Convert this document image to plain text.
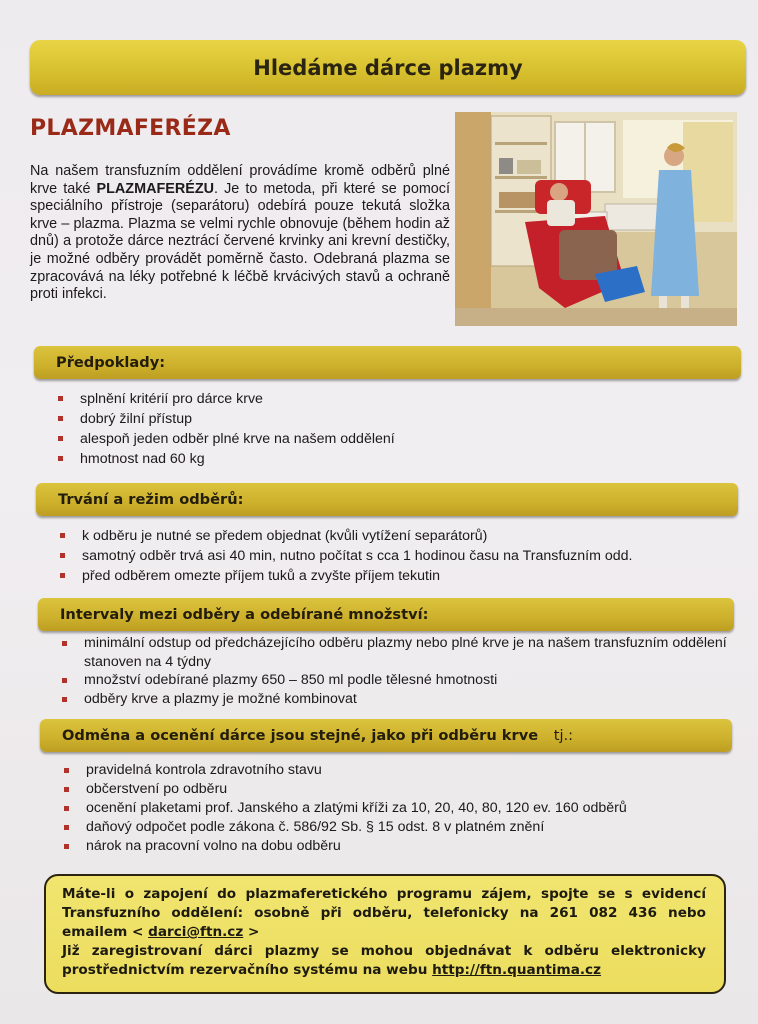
Hledáme dárce plazmy
PLAZMAFERÉZA
Na našem transfuzním oddělení provádíme kromě odběrů plné krve také PLAZMAFERÉZU. Je to metoda, při které se pomocí speciálního přístroje (separátoru) odebírá pouze tekutá složka krve – plazma. Plazma se velmi rychle obnovuje (během hodin až dnů) a protože dárce neztrácí červené krvinky ani krevní destičky, je možné odběry provádět poměrně často. Odebraná plazma se zpracovává na léky potřebné k léčbě krvácivých stavů a ochraně proti infekci.
Předpoklady:
splnění kritérií pro dárce krve
dobrý žilní přístup
alespoň jeden odběr plné krve na našem oddělení
hmotnost nad 60 kg
Trvání a režim odběrů:
k odběru je nutné se předem objednat (kvůli vytížení separátorů)
samotný odběr trvá asi 40 min, nutno počítat s cca 1 hodinou času na Transfuzním odd.
před odběrem omezte příjem tuků a zvyšte příjem tekutin
Intervaly mezi odběry a odebírané množství:
minimální odstup od předcházejícího odběru plazmy nebo plné krve je na našem transfuzním oddělení stanoven na 4 týdny
množství odebírané plazmy 650 – 850 ml podle tělesné hmotnosti
odběry krve a plazmy je možné kombinovat
Odměna a ocenění dárce jsou stejné, jako při odběru krve tj.:
pravidelná kontrola zdravotního stavu
občerstvení po odběru
ocenění plaketami prof. Janského a zlatými kříži za 10, 20, 40, 80, 120 ev. 160 odběrů
daňový odpočet podle zákona č. 586/92 Sb. § 15 odst. 8 v platném znění
nárok na pracovní volno na dobu odběru

Máte-li o zapojení do plazmaferetického programu zájem, spojte se s evidencí Transfuzního oddělení: osobně při odběru, telefonicky na 261 082 436 nebo emailem < darci@ftn.cz >

Již zaregistrovaní dárci plazmy se mohou objednávat k odběru elektronicky prostřednictvím rezervačního systému na webu http://ftn.quantima.cz
